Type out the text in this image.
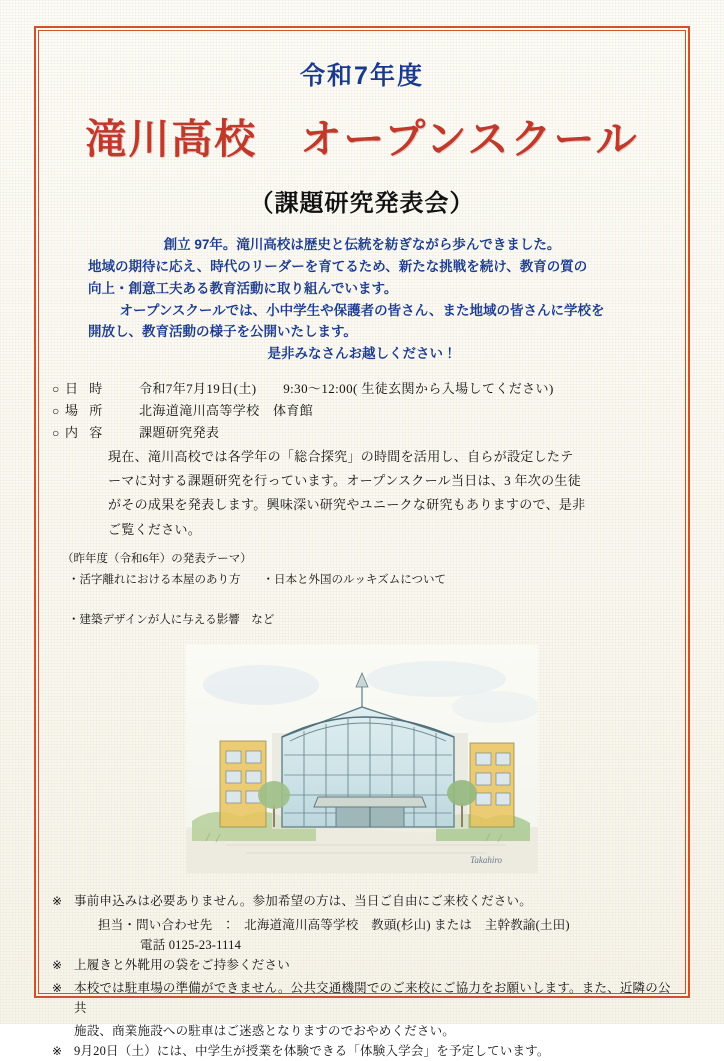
令和7年度
滝川高校　オープンスクール
（課題研究発表会）

創立 97年。滝川高校は歴史と伝統を紡ぎながら歩んできました。

地域の期待に応え、時代のリーダーを育てるため、新たな挑戦を続け、教育の質の

向上・創意工夫ある教育活動に取り組んでいます。

オープンスクールでは、小中学生や保護者の皆さん、また地域の皆さんに学校を

開放し、教育活動の様子を公開いたします。

是非みなさんお越しください！

○ 日 時	令和7年7月19日(土)　　9:30～12:00( 生徒玄関から入場してください)
○ 場 所	北海道滝川高等学校　体育館
○ 内 容	課題研究発表
現在、滝川高校では各学年の「総合探究」の時間を活用し、自らが設定したテ
ーマに対する課題研究を行っています。オープンスクール当日は、3 年次の生徒
がその成果を発表します。興味深い研究やユニークな研究もありますので、是非
ご覧ください。
（昨年度（令和6年）の発表テーマ）
・活字離れにおける本屋のあり方 ・日本と外国のルッキズムについて
・建築デザインが人に与える影響　など
Takahiro
※ 事前申込みは必要ありません。参加希望の方は、当日ご自由にご来校ください。
担当・問い合わせ先　：　北海道滝川高等学校　教頭(杉山) または　主幹教諭(土田)
電話 0125-23-1114
※ 上履きと外靴用の袋をご持参ください
※ 本校では駐車場の準備ができません。公共交通機関でのご来校にご協力をお願いします。また、近隣の公共
施設、商業施設への駐車はご迷惑となりますのでおやめください。
※ 9月20日（土）には、中学生が授業を体験できる「体験入学会」を予定しています。
